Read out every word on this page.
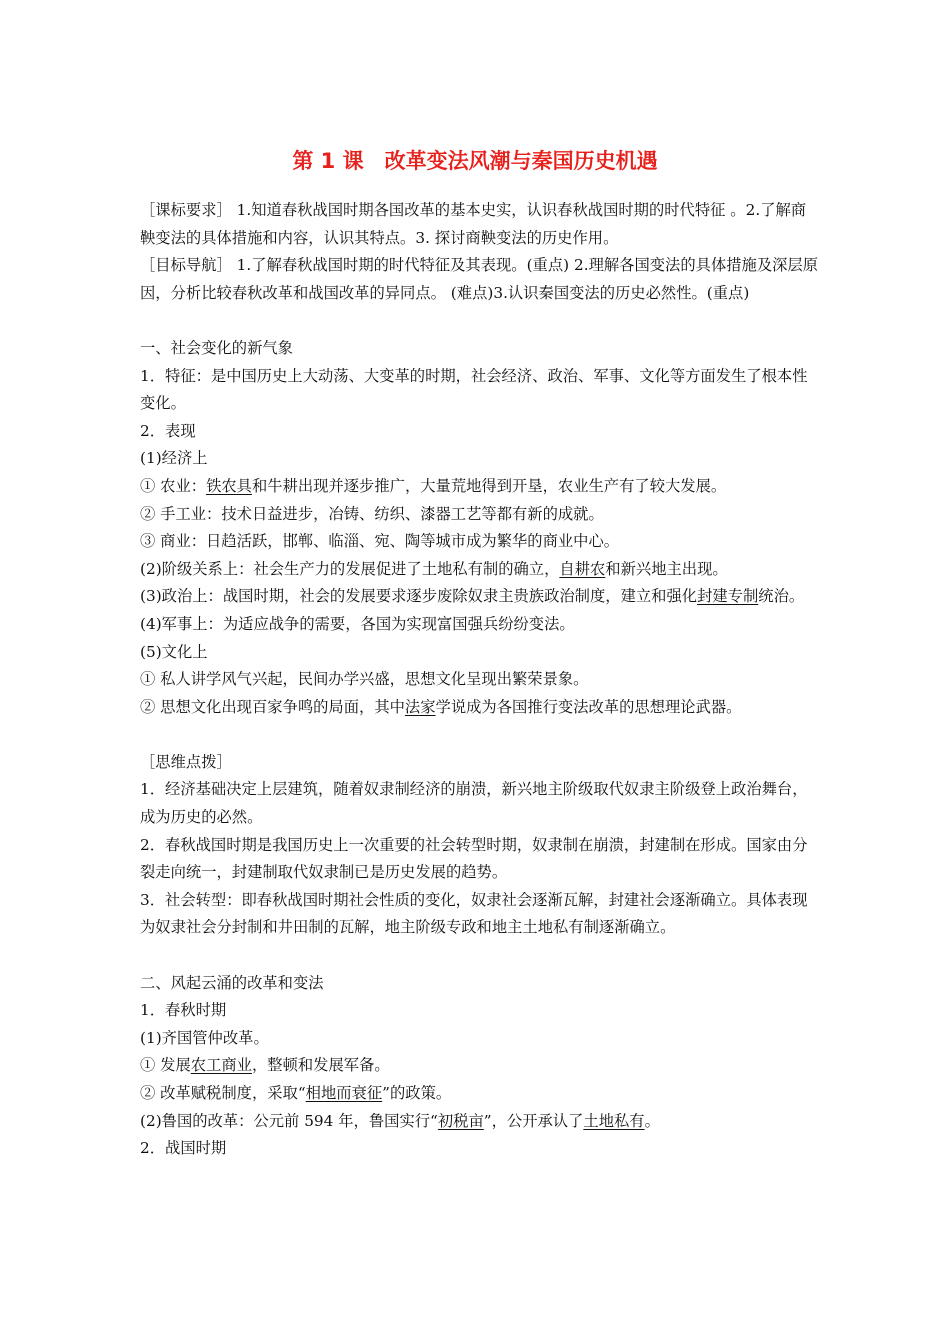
第 1 课　改革变法风潮与秦国历史机遇

［课标要求］ 1.知道春秋战国时期各国改革的基本史实，认识春秋战国时期的时代特征 。2.了解商鞅变法的具体措施和内容，认识其特点。3. 探讨商鞅变法的历史作用。

［目标导航］ 1.了解春秋战国时期的时代特征及其表现。(重点) 2.理解各国变法的具体措施及深层原因，分析比较春秋改革和战国改革的异同点。 (难点)3.认识秦国变法的历史必然性。(重点)

一、社会变化的新气象

1．特征：是中国历史上大动荡、大变革的时期，社会经济、政治、军事、文化等方面发生了根本性变化。

2．表现

(1)经济上

① 农业：铁农具和牛耕出现并逐步推广，大量荒地得到开垦，农业生产有了较大发展。

② 手工业：技术日益进步，冶铸、纺织、漆器工艺等都有新的成就。

③ 商业：日趋活跃，邯郸、临淄、宛、陶等城市成为繁华的商业中心。

(2)阶级关系上：社会生产力的发展促进了土地私有制的确立，自耕农和新兴地主出现。

(3)政治上：战国时期，社会的发展要求逐步废除奴隶主贵族政治制度，建立和强化封建专制统治。

(4)军事上：为适应战争的需要，各国为实现富国强兵纷纷变法。

(5)文化上

① 私人讲学风气兴起，民间办学兴盛，思想文化呈现出繁荣景象。

② 思想文化出现百家争鸣的局面，其中法家学说成为各国推行变法改革的思想理论武器。

［思维点拨］

1．经济基础决定上层建筑，随着奴隶制经济的崩溃，新兴地主阶级取代奴隶主阶级登上政治舞台，成为历史的必然。

2．春秋战国时期是我国历史上一次重要的社会转型时期，奴隶制在崩溃，封建制在形成。国家由分裂走向统一，封建制取代奴隶制已是历史发展的趋势。

3．社会转型：即春秋战国时期社会性质的变化，奴隶社会逐渐瓦解，封建社会逐渐确立。具体表现为奴隶社会分封制和井田制的瓦解，地主阶级专政和地主土地私有制逐渐确立。

二、风起云涌的改革和变法

1．春秋时期

(1)齐国管仲改革。

① 发展农工商业，整顿和发展军备。

② 改革赋税制度，采取“相地而衰征”的政策。

(2)鲁国的改革：公元前 594 年，鲁国实行“初税亩”，公开承认了土地私有。

2．战国时期
